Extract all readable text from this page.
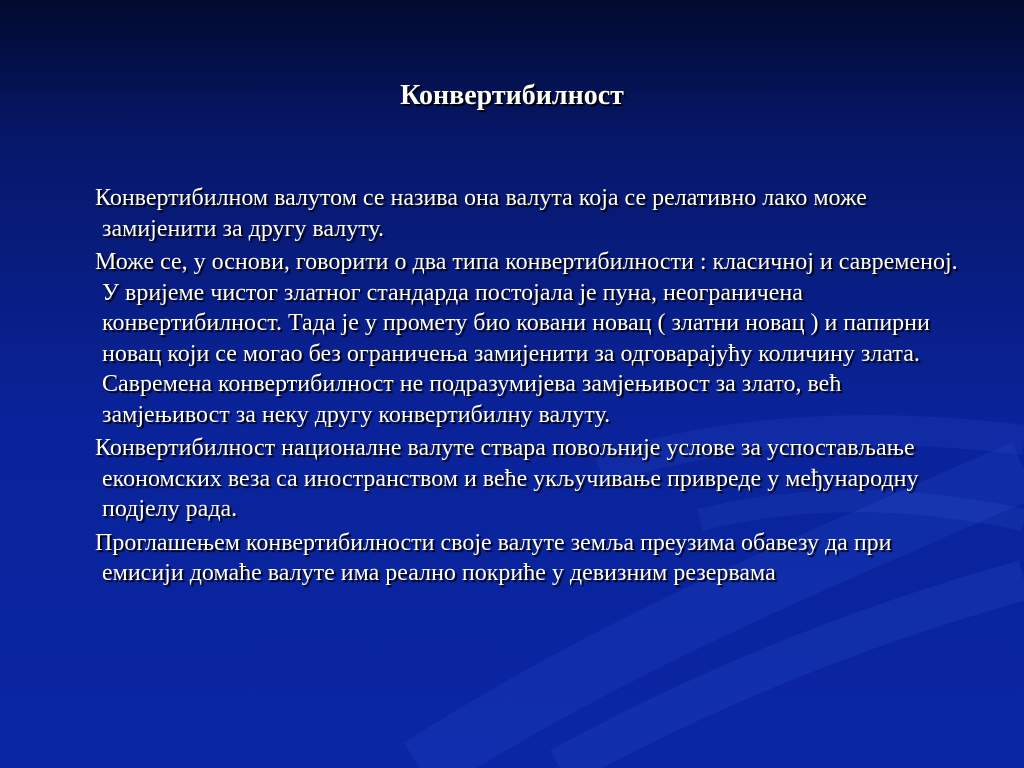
Конвертибилност

Конвертибилном валутом се назива она валута која се релативно лако може замијенити за другу валуту.

Може се, у основи, говорити о два типа конвертибилности : класичној и савременој. У вријеме чистог златног стандарда постојала је пуна, неограничена конвертибилност. Тада је у промету био ковани новац ( златни новац ) и папирни новац који се могао без ограничења замијенити за одговарајућу количину злата. Савремена конвертибилност не подразумијева замјењивост за злато, већ замјењивост за неку другу конвертибилну валуту.

Конвертибилност националне валуте ствара повољније услове за успостављање економских веза са иностранством и веће укључивање привреде у међународну подјелу рада.

Проглашењем конвертибилности своје валуте земља преузима обавезу да при емисији домаће валуте има реално покриће у девизним резервама
